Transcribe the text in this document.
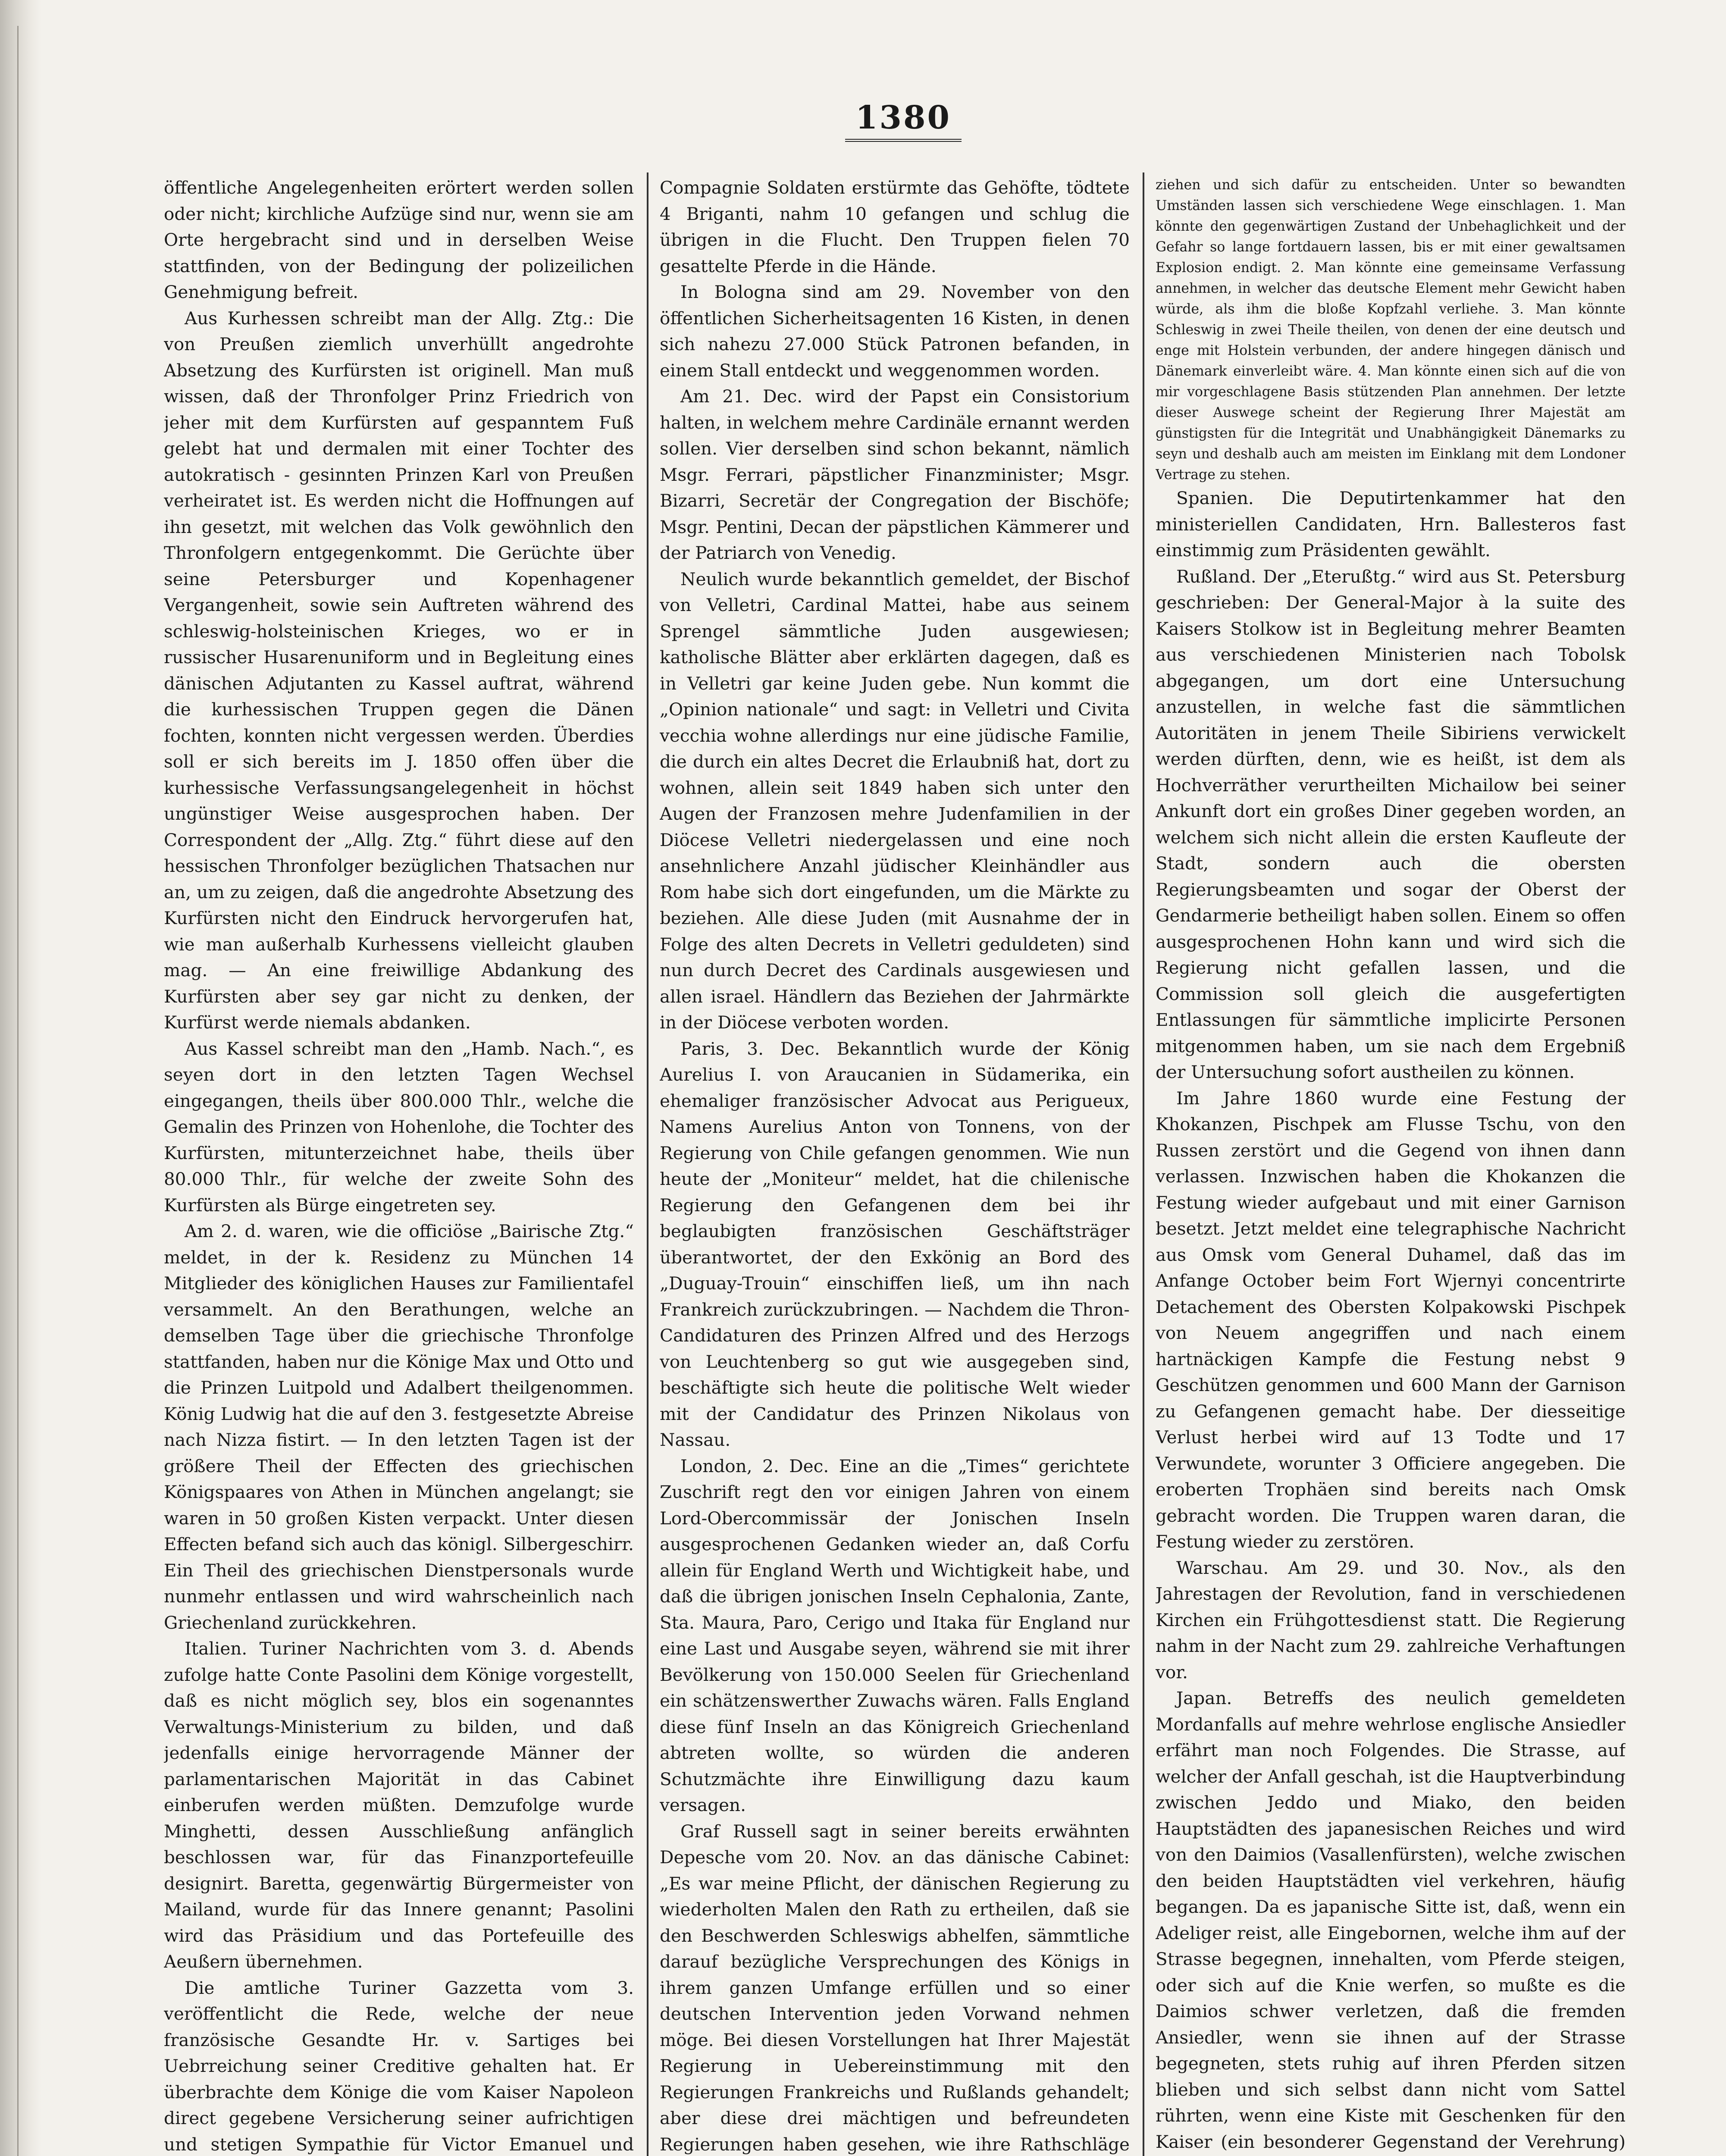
1380

öffentliche Angelegenheiten erörtert werden sollen oder nicht; kirchliche Aufzüge sind nur, wenn sie am Orte hergebracht sind und in derselben Weise stattfinden, von der Bedingung der polizeilichen Genehmigung befreit.

Aus Kurhessen schreibt man der Allg. Ztg.: Die von Preußen ziemlich unverhüllt angedrohte Absetzung des Kurfürsten ist originell. Man muß wissen, daß der Thronfolger Prinz Friedrich von jeher mit dem Kurfürsten auf gespanntem Fuß gelebt hat und dermalen mit einer Tochter des autokratisch - gesinnten Prinzen Karl von Preußen verheiratet ist. Es werden nicht die Hoffnungen auf ihn gesetzt, mit welchen das Volk gewöhnlich den Thronfolgern entgegenkommt. Die Gerüchte über seine Petersburger und Kopenhagener Vergangenheit, sowie sein Auftreten während des schleswig-holsteinischen Krieges, wo er in russischer Husarenuniform und in Begleitung eines dänischen Adjutanten zu Kassel auftrat, während die kurhessischen Truppen gegen die Dänen fochten, konnten nicht vergessen werden. Überdies soll er sich bereits im J. 1850 offen über die kurhessische Verfassungsangelegenheit in höchst ungünstiger Weise ausgesprochen haben. Der Correspondent der „Allg. Ztg.“ führt diese auf den hessischen Thronfolger bezüglichen Thatsachen nur an, um zu zeigen, daß die angedrohte Absetzung des Kurfürsten nicht den Eindruck hervorgerufen hat, wie man außerhalb Kurhessens vielleicht glauben mag. — An eine freiwillige Abdankung des Kurfürsten aber sey gar nicht zu denken, der Kurfürst werde niemals abdanken.

Aus Kassel schreibt man den „Hamb. Nach.“, es seyen dort in den letzten Tagen Wechsel eingegangen, theils über 800.000 Thlr., welche die Gemalin des Prinzen von Hohenlohe, die Tochter des Kurfürsten, mitunterzeichnet habe, theils über 80.000 Thlr., für welche der zweite Sohn des Kurfürsten als Bürge eingetreten sey.

Am 2. d. waren, wie die officiöse „Bairische Ztg.“ meldet, in der k. Residenz zu München 14 Mitglieder des königlichen Hauses zur Familientafel versammelt. An den Berathungen, welche an demselben Tage über die griechische Thronfolge stattfanden, haben nur die Könige Max und Otto und die Prinzen Luitpold und Adalbert theilgenommen. König Ludwig hat die auf den 3. festgesetzte Abreise nach Nizza fistirt. — In den letzten Tagen ist der größere Theil der Effecten des griechischen Königspaares von Athen in München angelangt; sie waren in 50 großen Kisten verpackt. Unter diesen Effecten befand sich auch das königl. Silbergeschirr. Ein Theil des griechischen Dienstpersonals wurde nunmehr entlassen und wird wahrscheinlich nach Griechenland zurückkehren.

Italien. Turiner Nachrichten vom 3. d. Abends zufolge hatte Conte Pasolini dem Könige vorgestellt, daß es nicht möglich sey, blos ein sogenanntes Verwaltungs-Ministerium zu bilden, und daß jedenfalls einige hervorragende Männer der parlamentarischen Majorität in das Cabinet einberufen werden müßten. Demzufolge wurde Minghetti, dessen Ausschließung anfänglich beschlossen war, für das Finanzportefeuille designirt. Baretta, gegenwärtig Bürgermeister von Mailand, wurde für das Innere genannt; Pasolini wird das Präsidium und das Portefeuille des Aeußern übernehmen.

Die amtliche Turiner Gazzetta vom 3. veröffentlicht die Rede, welche der neue französische Gesandte Hr. v. Sartiges bei Uebrreichung seiner Creditive gehalten hat. Er überbrachte dem Könige die vom Kaiser Napoleon direct gegebene Versicherung seiner aufrichtigen und stetigen Sympathie für Victor Emanuel und

Compagnie Soldaten erstürmte das Gehöfte, tödtete 4 Briganti, nahm 10 gefangen und schlug die übrigen in die Flucht. Den Truppen fielen 70 gesattelte Pferde in die Hände.

In Bologna sind am 29. November von den öffentlichen Sicherheitsagenten 16 Kisten, in denen sich nahezu 27.000 Stück Patronen befanden, in einem Stall entdeckt und weggenommen worden.

Am 21. Dec. wird der Papst ein Consistorium halten, in welchem mehre Cardinäle ernannt werden sollen. Vier derselben sind schon bekannt, nämlich Msgr. Ferrari, päpstlicher Finanzminister; Msgr. Bizarri, Secretär der Congregation der Bischöfe; Msgr. Pentini, Decan der päpstlichen Kämmerer und der Patriarch von Venedig.

Neulich wurde bekanntlich gemeldet, der Bischof von Velletri, Cardinal Mattei, habe aus seinem Sprengel sämmtliche Juden ausgewiesen; katholische Blätter aber erklärten dagegen, daß es in Velletri gar keine Juden gebe. Nun kommt die „Opinion nationale“ und sagt: in Velletri und Civita vecchia wohne allerdings nur eine jüdische Familie, die durch ein altes Decret die Erlaubniß hat, dort zu wohnen, allein seit 1849 haben sich unter den Augen der Franzosen mehre Judenfamilien in der Diöcese Velletri niedergelassen und eine noch ansehnlichere Anzahl jüdischer Kleinhändler aus Rom habe sich dort eingefunden, um die Märkte zu beziehen. Alle diese Juden (mit Ausnahme der in Folge des alten Decrets in Velletri geduldeten) sind nun durch Decret des Cardinals ausgewiesen und allen israel. Händlern das Beziehen der Jahrmärkte in der Diöcese verboten worden.

Paris, 3. Dec. Bekanntlich wurde der König Aurelius I. von Araucanien in Südamerika, ein ehemaliger französischer Advocat aus Perigueux, Namens Aurelius Anton von Tonnens, von der Regierung von Chile gefangen genommen. Wie nun heute der „Moniteur“ meldet, hat die chilenische Regierung den Gefangenen dem bei ihr beglaubigten französischen Geschäftsträger überantwortet, der den Exkönig an Bord des „Duguay-Trouin“ einschiffen ließ, um ihn nach Frankreich zurückzubringen. — Nachdem die Thron-Candidaturen des Prinzen Alfred und des Herzogs von Leuchtenberg so gut wie ausgegeben sind, beschäftigte sich heute die politische Welt wieder mit der Candidatur des Prinzen Nikolaus von Nassau.

London, 2. Dec. Eine an die „Times“ gerichtete Zuschrift regt den vor einigen Jahren von einem Lord-Obercommissär der Jonischen Inseln ausgesprochenen Gedanken wieder an, daß Corfu allein für England Werth und Wichtigkeit habe, und daß die übrigen jonischen Inseln Cephalonia, Zante, Sta. Maura, Paro, Cerigo und Itaka für England nur eine Last und Ausgabe seyen, während sie mit ihrer Bevölkerung von 150.000 Seelen für Griechenland ein schätzenswerther Zuwachs wären. Falls England diese fünf Inseln an das Königreich Griechenland abtreten wollte, so würden die anderen Schutzmächte ihre Einwilligung dazu kaum versagen.

Graf Russell sagt in seiner bereits erwähnten Depesche vom 20. Nov. an das dänische Cabinet: „Es war meine Pflicht, der dänischen Regierung zu wiederholten Malen den Rath zu ertheilen, daß sie den Beschwerden Schleswigs abhelfen, sämmtliche darauf bezügliche Versprechungen des Königs in ihrem ganzen Umfange erfüllen und so einer deutschen Intervention jeden Vorwand nehmen möge. Bei diesen Vorstellungen hat Ihrer Majestät Regierung in Uebereinstimmung mit den Regierungen Frankreichs und Rußlands gehandelt; aber diese drei mächtigen und befreundeten Regierungen haben gesehen, wie ihre Rathschläge

ziehen und sich dafür zu entscheiden. Unter so bewandten Umständen lassen sich verschiedene Wege einschlagen. 1. Man könnte den gegenwärtigen Zustand der Unbehaglichkeit und der Gefahr so lange fortdauern lassen, bis er mit einer gewaltsamen Explosion endigt. 2. Man könnte eine gemeinsame Verfassung annehmen, in welcher das deutsche Element mehr Gewicht haben würde, als ihm die bloße Kopfzahl verliehe. 3. Man könnte Schleswig in zwei Theile theilen, von denen der eine deutsch und enge mit Holstein verbunden, der andere hingegen dänisch und Dänemark einverleibt wäre. 4. Man könnte einen sich auf die von mir vorgeschlagene Basis stützenden Plan annehmen. Der letzte dieser Auswege scheint der Regierung Ihrer Majestät am günstigsten für die Integrität und Unabhängigkeit Dänemarks zu seyn und deshalb auch am meisten im Einklang mit dem Londoner Vertrage zu stehen.

Spanien. Die Deputirtenkammer hat den ministeriellen Candidaten, Hrn. Ballesteros fast einstimmig zum Präsidenten gewählt.

Rußland. Der „Eterußtg.“ wird aus St. Petersburg geschrieben: Der General-Major à la suite des Kaisers Stolkow ist in Begleitung mehrer Beamten aus verschiedenen Ministerien nach Tobolsk abgegangen, um dort eine Untersuchung anzustellen, in welche fast die sämmtlichen Autoritäten in jenem Theile Sibiriens verwickelt werden dürften, denn, wie es heißt, ist dem als Hochverräther verurtheilten Michailow bei seiner Ankunft dort ein großes Diner gegeben worden, an welchem sich nicht allein die ersten Kaufleute der Stadt, sondern auch die obersten Regierungsbeamten und sogar der Oberst der Gendarmerie betheiligt haben sollen. Einem so offen ausgesprochenen Hohn kann und wird sich die Regierung nicht gefallen lassen, und die Commission soll gleich die ausgefertigten Entlassungen für sämmtliche implicirte Personen mitgenommen haben, um sie nach dem Ergebniß der Untersuchung sofort austheilen zu können.

Im Jahre 1860 wurde eine Festung der Khokanzen, Pischpek am Flusse Tschu, von den Russen zerstört und die Gegend von ihnen dann verlassen. Inzwischen haben die Khokanzen die Festung wieder aufgebaut und mit einer Garnison besetzt. Jetzt meldet eine telegraphische Nachricht aus Omsk vom General Duhamel, daß das im Anfange October beim Fort Wjernyi concentrirte Detachement des Obersten Kolpakowski Pischpek von Neuem angegriffen und nach einem hartnäckigen Kampfe die Festung nebst 9 Geschützen genommen und 600 Mann der Garnison zu Gefangenen gemacht habe. Der diesseitige Verlust herbei wird auf 13 Todte und 17 Verwundete, worunter 3 Officiere angegeben. Die eroberten Trophäen sind bereits nach Omsk gebracht worden. Die Truppen waren daran, die Festung wieder zu zerstören.

Warschau. Am 29. und 30. Nov., als den Jahrestagen der Revolution, fand in verschiedenen Kirchen ein Frühgottesdienst statt. Die Regierung nahm in der Nacht zum 29. zahlreiche Verhaftungen vor.

Japan. Betreffs des neulich gemeldeten Mordanfalls auf mehre wehrlose englische Ansiedler erfährt man noch Folgendes. Die Strasse, auf welcher der Anfall geschah, ist die Hauptverbindung zwischen Jeddo und Miako, den beiden Hauptstädten des japanesischen Reiches und wird von den Daimios (Vasallenfürsten), welche zwischen den beiden Hauptstädten viel verkehren, häufig begangen. Da es japanische Sitte ist, daß, wenn ein Adeliger reist, alle Eingebornen, welche ihm auf der Strasse begegnen, innehalten, vom Pferde steigen, oder sich auf die Knie werfen, so mußte es die Daimios schwer verletzen, daß die fremden Ansiedler, wenn sie ihnen auf der Strasse begegneten, stets ruhig auf ihren Pferden sitzen blieben und sich selbst dann nicht vom Sattel rührten, wenn eine Kiste mit Geschenken für den Kaiser (ein besonderer Gegenstand der Verehrung)
